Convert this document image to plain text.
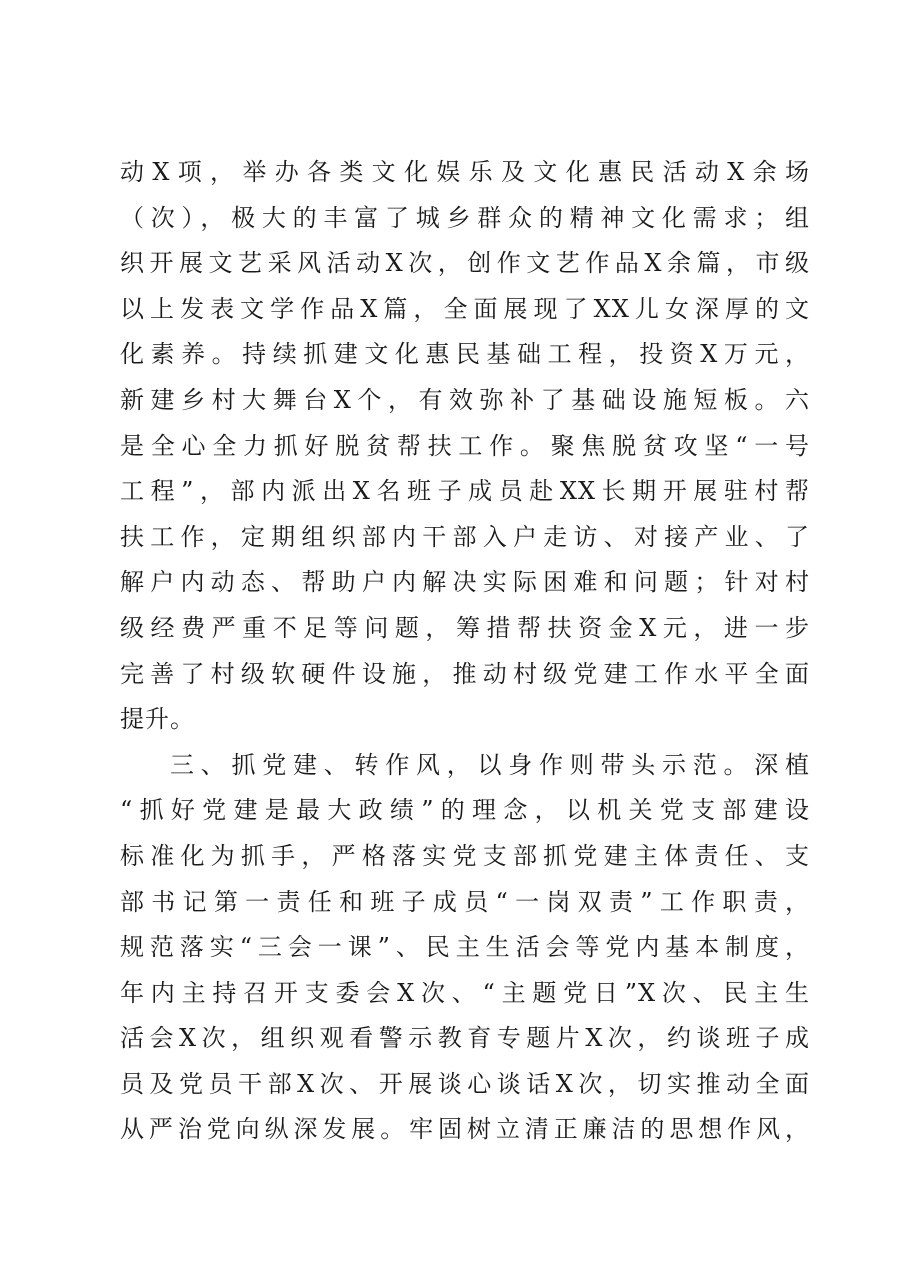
动X项，举办各类文化娱乐及文化惠民活动X余场
（次），极大的丰富了城乡群众的精神文化需求；组
织开展文艺采风活动X次，创作文艺作品X余篇，市级
以上发表文学作品X篇，全面展现了XX儿女深厚的文
化素养。持续抓建文化惠民基础工程，投资X万元，
新建乡村大舞台X个，有效弥补了基础设施短板。六
是全心全力抓好脱贫帮扶工作。聚焦脱贫攻坚“一号
工程”，部内派出X名班子成员赴XX长期开展驻村帮
扶工作，定期组织部内干部入户走访、对接产业、了
解户内动态、帮助户内解决实际困难和问题；针对村
级经费严重不足等问题，筹措帮扶资金X元，进一步
完善了村级软硬件设施，推动村级党建工作水平全面
提升。
三、抓党建、转作风，以身作则带头示范。深植
“抓好党建是最大政绩”的理念，以机关党支部建设
标准化为抓手，严格落实党支部抓党建主体责任、支
部书记第一责任和班子成员“一岗双责”工作职责，
规范落实“三会一课”、民主生活会等党内基本制度，
年内主持召开支委会X次、“主题党日”X次、民主生
活会X次，组织观看警示教育专题片X次，约谈班子成
员及党员干部X次、开展谈心谈话X次，切实推动全面
从严治党向纵深发展。牢固树立清正廉洁的思想作风，
